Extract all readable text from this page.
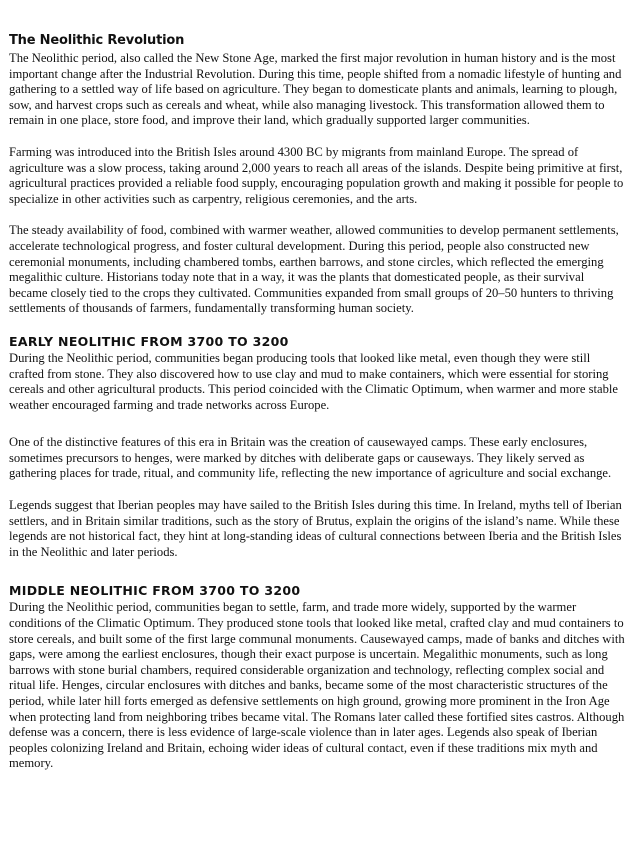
The Neolithic Revolution

The Neolithic period, also called the New Stone Age, marked the first major revolution in human history and is the most important change after the Industrial Revolution. During this time, people shifted from a nomadic lifestyle of hunting and gathering to a settled way of life based on agriculture. They began to domesticate plants and animals, learning to plough, sow, and harvest crops such as cereals and wheat, while also managing livestock. This transformation allowed them to remain in one place, store food, and improve their land, which gradually supported larger communities.

Farming was introduced into the British Isles around 4300 BC by migrants from mainland Europe. The spread of agriculture was a slow process, taking around 2,000 years to reach all areas of the islands. Despite being primitive at first, agricultural practices provided a reliable food supply, encouraging population growth and making it possible for people to specialize in other activities such as carpentry, religious ceremonies, and the arts.

The steady availability of food, combined with warmer weather, allowed communities to develop permanent settlements, accelerate technological progress, and foster cultural development. During this period, people also constructed new ceremonial monuments, including chambered tombs, earthen barrows, and stone circles, which reflected the emerging megalithic culture. Historians today note that in a way, it was the plants that domesticated people, as their survival became closely tied to the crops they cultivated. Communities expanded from small groups of 20–50 hunters to thriving settlements of thousands of farmers, fundamentally transforming human society.

EARLY NEOLITHIC FROM 3700 TO 3200

During the Neolithic period, communities began producing tools that looked like metal, even though they were still crafted from stone. They also discovered how to use clay and mud to make containers, which were essential for storing cereals and other agricultural products. This period coincided with the Climatic Optimum, when warmer and more stable weather encouraged farming and trade networks across Europe.

One of the distinctive features of this era in Britain was the creation of causewayed camps. These early enclosures, sometimes precursors to henges, were marked by ditches with deliberate gaps or causeways. They likely served as gathering places for trade, ritual, and community life, reflecting the new importance of agriculture and social exchange.

Legends suggest that Iberian peoples may have sailed to the British Isles during this time. In Ireland, myths tell of Iberian settlers, and in Britain similar traditions, such as the story of Brutus, explain the origins of the island’s name. While these legends are not historical fact, they hint at long-standing ideas of cultural connections between Iberia and the British Isles in the Neolithic and later periods.

MIDDLE NEOLITHIC FROM 3700 TO 3200

During the Neolithic period, communities began to settle, farm, and trade more widely, supported by the warmer conditions of the Climatic Optimum. They produced stone tools that looked like metal, crafted clay and mud containers to store cereals, and built some of the first large communal monuments. Causewayed camps, made of banks and ditches with gaps, were among the earliest enclosures, though their exact purpose is uncertain. Megalithic monuments, such as long barrows with stone burial chambers, required considerable organization and technology, reflecting complex social and ritual life. Henges, circular enclosures with ditches and banks, became some of the most characteristic structures of the period, while later hill forts emerged as defensive settlements on high ground, growing more prominent in the Iron Age when protecting land from neighboring tribes became vital. The Romans later called these fortified sites castros. Although defense was a concern, there is less evidence of large-scale violence than in later ages. Legends also speak of Iberian peoples colonizing Ireland and Britain, echoing wider ideas of cultural contact, even if these traditions mix myth and memory.
